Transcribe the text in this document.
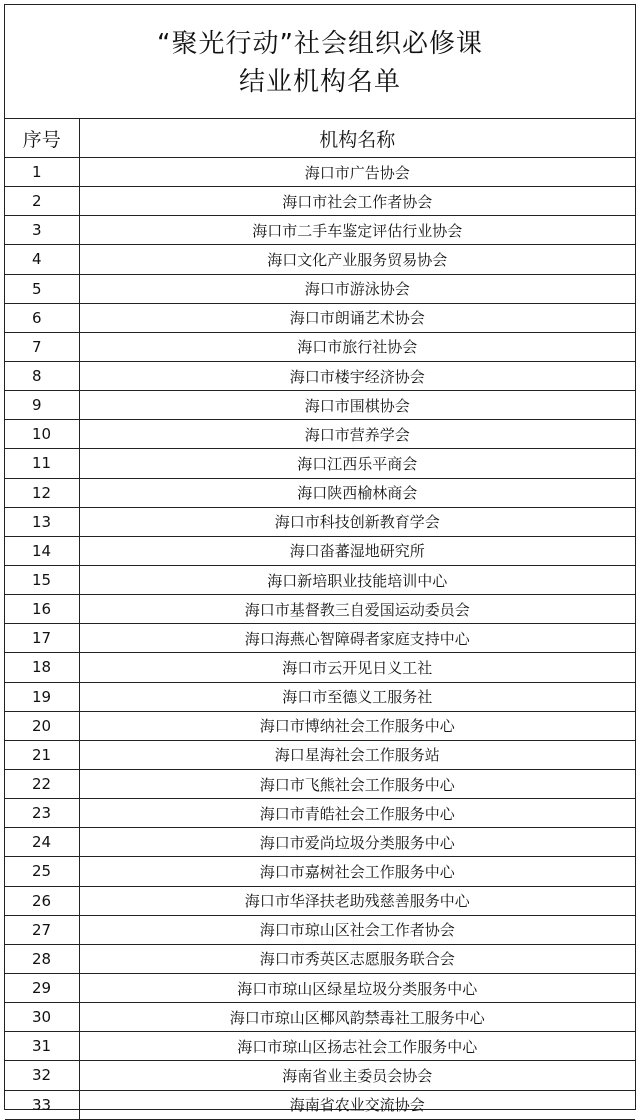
“聚光行动”社会组织必修课
结业机构名单
序号	机构名称
1	海口市广告协会
2	海口市社会工作者协会
3	海口市二手车鉴定评估行业协会
4	海口文化产业服务贸易协会
5	海口市游泳协会
6	海口市朗诵艺术协会
7	海口市旅行社协会
8	海口市楼宇经济协会
9	海口市围棋协会
10	海口市营养学会
11	海口江西乐平商会
12	海口陕西榆林商会
13	海口市科技创新教育学会
14	海口畓蕃湿地研究所
15	海口新培职业技能培训中心
16	海口市基督教三自爱国运动委员会
17	海口海燕心智障碍者家庭支持中心
18	海口市云开见日义工社
19	海口市至德义工服务社
20	海口市博纳社会工作服务中心
21	海口星海社会工作服务站
22	海口市飞熊社会工作服务中心
23	海口市青皓社会工作服务中心
24	海口市爱尚垃圾分类服务中心
25	海口市嘉树社会工作服务中心
26	海口市华泽扶老助残慈善服务中心
27	海口市琼山区社会工作者协会
28	海口市秀英区志愿服务联合会
29	海口市琼山区绿星垃圾分类服务中心
30	海口市琼山区椰风韵禁毒社工服务中心
31	海口市琼山区扬志社会工作服务中心
32	海南省业主委员会协会
33	海南省农业交流协会
